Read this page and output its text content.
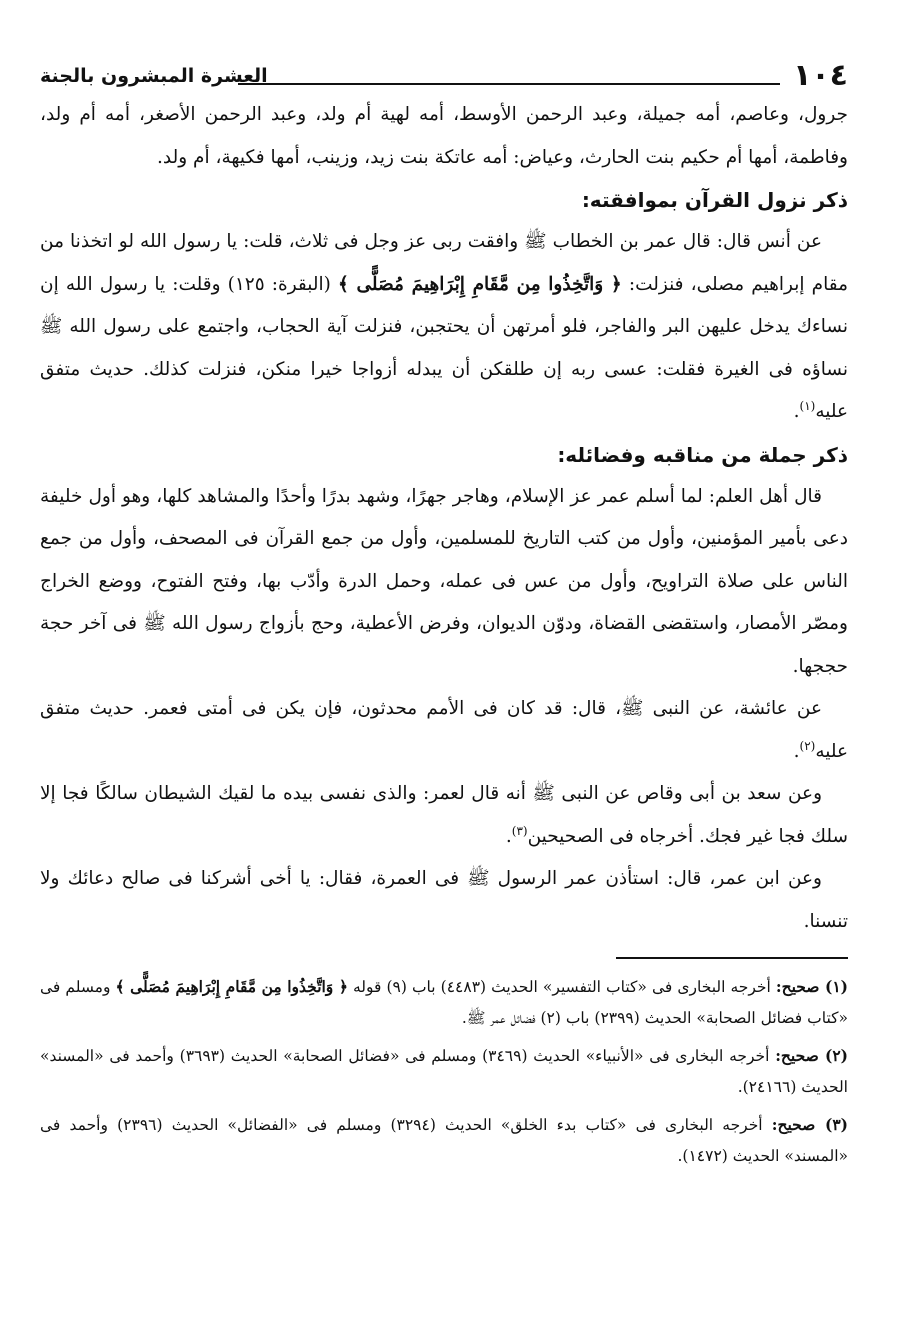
١٠٤
العشرة المبشرون بالجنة

جرول، وعاصم، أمه جميلة، وعبد الرحمن الأوسط، أمه لهية أم ولد، وعبد الرحمن الأصغر، أمه أم ولد، وفاطمة، أمها أم حكيم بنت الحارث، وعياض: أمه عاتكة بنت زيد، وزينب، أمها فكيهة، أم ولد.

ذكر نزول القرآن بموافقته:

عن أنس قال: قال عمر بن الخطاب ﷺ وافقت ربى عز وجل فى ثلاث، قلت: يا رسول الله لو اتخذنا من مقام إبراهيم مصلى، فنزلت: ﴿ وَاتَّخِذُوا مِن مَّقَامِ إِبْرَاهِيمَ مُصَلًّى ﴾ (البقرة: ١٢٥) وقلت: يا رسول الله إن نساءك يدخل عليهن البر والفاجر، فلو أمرتهن أن يحتجبن، فنزلت آية الحجاب، واجتمع على رسول الله ﷺ نساؤه فى الغيرة فقلت: عسى ربه إن طلقكن أن يبدله أزواجا خيرا منكن، فنزلت كذلك. حديث متفق عليه$^{(١)}$.

ذكر جملة من مناقبه وفضائله:

قال أهل العلم: لما أسلم عمر عز الإسلام، وهاجر جهرًا، وشهد بدرًا وأحدًا والمشاهد كلها، وهو أول خليفة دعى بأمير المؤمنين، وأول من كتب التاريخ للمسلمين، وأول من جمع القرآن فى المصحف، وأول من جمع الناس على صلاة التراويح، وأول من عس فى عمله، وحمل الدرة وأدّب بها، وفتح الفتوح، ووضع الخراج ومصّر الأمصار، واستقضى القضاة، ودوّن الديوان، وفرض الأعطية، وحج بأزواج رسول الله ﷺ فى آخر حجة حججها.

عن عائشة، عن النبى ﷺ، قال: قد كان فى الأمم محدثون، فإن يكن فى أمتى فعمر. حديث متفق عليه$^{(٢)}$.

وعن سعد بن أبى وقاص عن النبى ﷺ أنه قال لعمر: والذى نفسى بيده ما لقيك الشيطان سالكًا فجا إلا سلك فجا غير فجك. أخرجاه فى الصحيحين$^{(٣)}$.

وعن ابن عمر، قال: استأذن عمر الرسول ﷺ فى العمرة، فقال: يا أخى أشركنا فى صالح دعائك ولا تنسنا.

(١) صحيح: أخرجه البخارى فى «كتاب التفسير» الحديث (٤٤٨٣) باب (٩) قوله ﴿ وَاتَّخِذُوا مِن مَّقَامِ إِبْرَاهِيمَ مُصَلًّى ﴾ ومسلم فى «كتاب فضائل الصحابة» الحديث (٢٣٩٩) باب (٢) فضائل عمر ﷺ.

(٢) صحيح: أخرجه البخارى فى «الأنبياء» الحديث (٣٤٦٩) ومسلم فى «فضائل الصحابة» الحديث (٣٦٩٣) وأحمد فى «المسند» الحديث (٢٤١٦٦).

(٣) صحيح: أخرجه البخارى فى «كتاب بدء الخلق» الحديث (٣٢٩٤) ومسلم فى «الفضائل» الحديث (٢٣٩٦) وأحمد فى «المسند» الحديث (١٤٧٢).
